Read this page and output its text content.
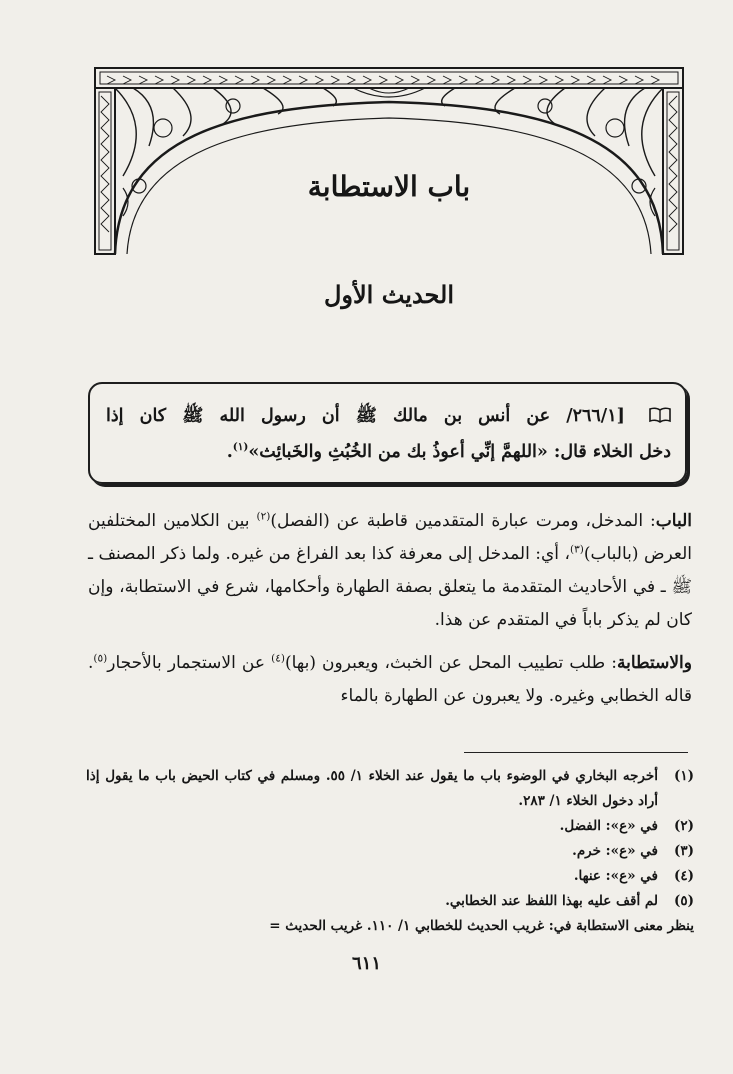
باب الاستطابة
الحديث الأول
[٢٦٦/١/ عن أنس بن مالك ﷺ أن رسول الله ﷺ كان إذا
دخل الخلاء قال: «اللهمَّ إنِّي أعوذُ بك من الخُبُثِ والخَبائِث»$^{(١)}$.

الباب: المدخل، ومرت عبارة المتقدمين قاطبة عن (الفصل)$^{(٢)}$ بين الكلامين المختلفين العرض (بالباب)$^{(٣)}$، أي: المدخل إلى معرفة كذا بعد الفراغ من غيره. ولما ذكر المصنف ـ ﷺ ـ في الأحاديث المتقدمة ما يتعلق بصفة الطهارة وأحكامها، شرع في الاستطابة، وإن كان لم يذكر باباً في المتقدم عن هذا.

والاستطابة: طلب تطييب المحل عن الخبث، ويعبرون (بها)$^{(٤)}$ عن الاستجمار بالأحجار$^{(٥)}$. قاله الخطابي وغيره. ولا يعبرون عن الطهارة بالماء

(١)
أخرجه البخاري في الوضوء باب ما يقول عند الخلاء ١/ ٥٥. ومسلم في كتاب الحيض باب ما يقول إذا أراد دخول الخلاء ١/ ٢٨٣.

(٢)
في «ع»: الفضل.

(٣)
في «ع»: خرم.

(٤)
في «ع»: عنها.

(٥)
لم أقف عليه بهذا اللفظ عند الخطابي.

ينظر معنى الاستطابة في: غريب الحديث للخطابي ١/ ١١٠. غريب الحديث =

٦١١
